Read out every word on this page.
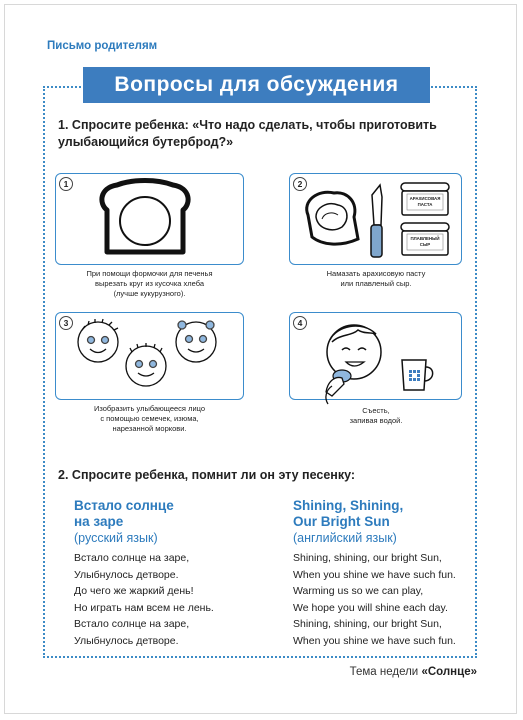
Письмо родителям
Вопросы для обсуждения
1. Спросите ребенка: «Что надо сделать, чтобы приготовить улыбающийся бутерброд?»
1
При помощи формочки для печенья
вырезать круг из кусочка хлеба
(лучше кукурузного).
2
АРАХИСОВАЯ
ПАСТА
ПЛАВЛЕНЫЙ
СЫР
Намазать арахисовую пасту
или плавленый сыр.
3
Изобразить улыбающееся лицо
с помощью семечек, изюма,
нарезанной моркови.
4
Съесть,
запивая водой.
2. Спросите ребенка, помнит ли он эту песенку:
Встало солнце
на заре
(русский язык)
Встало солнце на заре,
Улыбнулось детворе.
До чего же жаркий день!
Но играть нам всем не лень.
Встало солнце на заре,
Улыбнулось детворе.
Shining, Shining,
Our Bright Sun
(английский язык)
Shining, shining, our bright Sun,
When you shine we have such fun.
Warming us so we can play,
We hope you will shine each day.
Shining, shining, our bright Sun,
When you shine we have such fun.
Тема недели «Солнце»
